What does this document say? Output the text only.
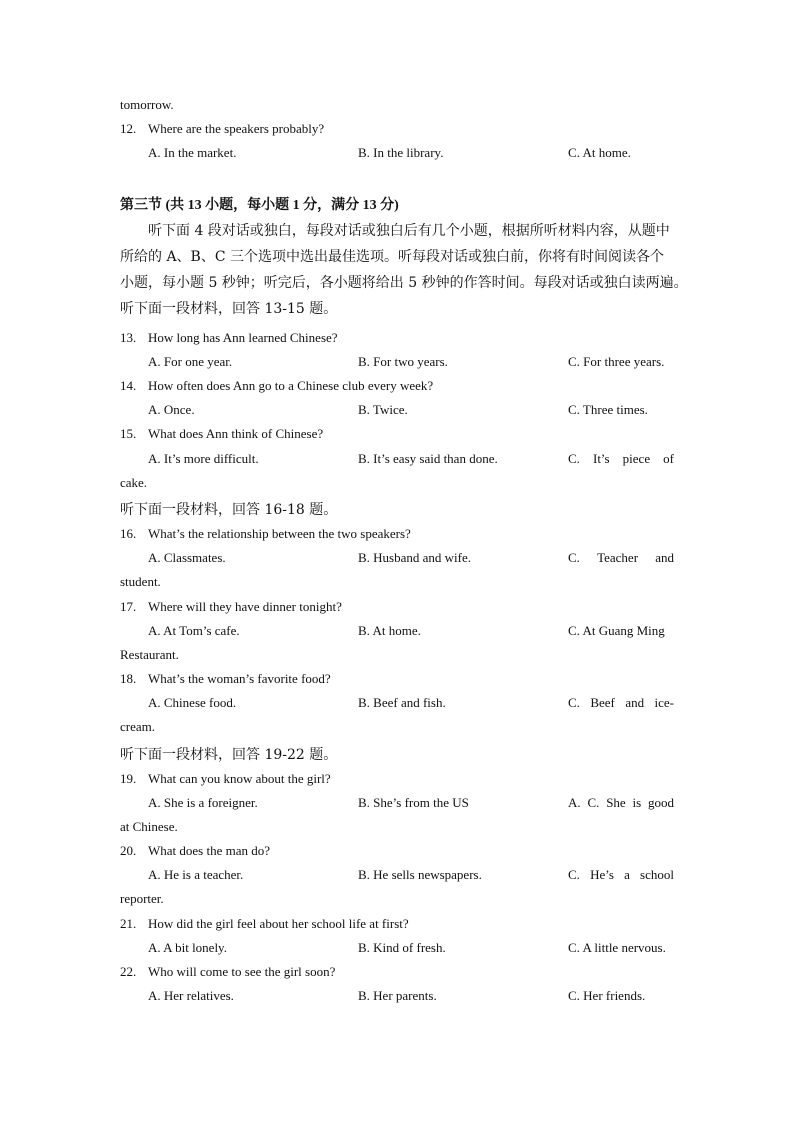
tomorrow.
12. Where are the speakers probably?
A. In the market.	B. In the library.	C. At home.
第三节 (共 13 小题，每小题 1 分，满分 13 分)
听下面 4 段对话或独白，每段对话或独白后有几个小题，根据所听材料内容，从题中
所给的 A、B、C 三个选项中选出最佳选项。听每段对话或独白前，你将有时间阅读各个
小题，每小题 5 秒钟；听完后，各小题将给出 5 秒钟的作答时间。每段对话或独白读两遍。
听下面一段材料，回答 13-15 题。
13. How long has Ann learned Chinese?
A. For one year.	B. For two years.	C. For three years.
14. How often does Ann go to a Chinese club every week?
A. Once.	B. Twice.	C. Three times.
15. What does Ann think of Chinese?
A. It’s more difficult.	B. It’s easy said than done.	C. It’s piece of
cake.
听下面一段材料，回答 16-18 题。
16. What’s the relationship between the two speakers?
A. Classmates.	B. Husband and wife.	C. Teacher and
student.
17. Where will they have dinner tonight?
A. At Tom’s cafe.	B. At home.	C. At Guang Ming
Restaurant.
18. What’s the woman’s favorite food?
A. Chinese food.	B. Beef and fish.	C. Beef and ice-
cream.
听下面一段材料，回答 19-22 题。
19. What can you know about the girl?
A. She is a foreigner.	B. She’s from the US	A. C. She is good
at Chinese.
20. What does the man do?
A. He is a teacher.	B. He sells newspapers.	C. He’s a school
reporter.
21. How did the girl feel about her school life at first?
A. A bit lonely.	B. Kind of fresh.	C. A little nervous.
22. Who will come to see the girl soon?
A. Her relatives.	B. Her parents.	C. Her friends.
